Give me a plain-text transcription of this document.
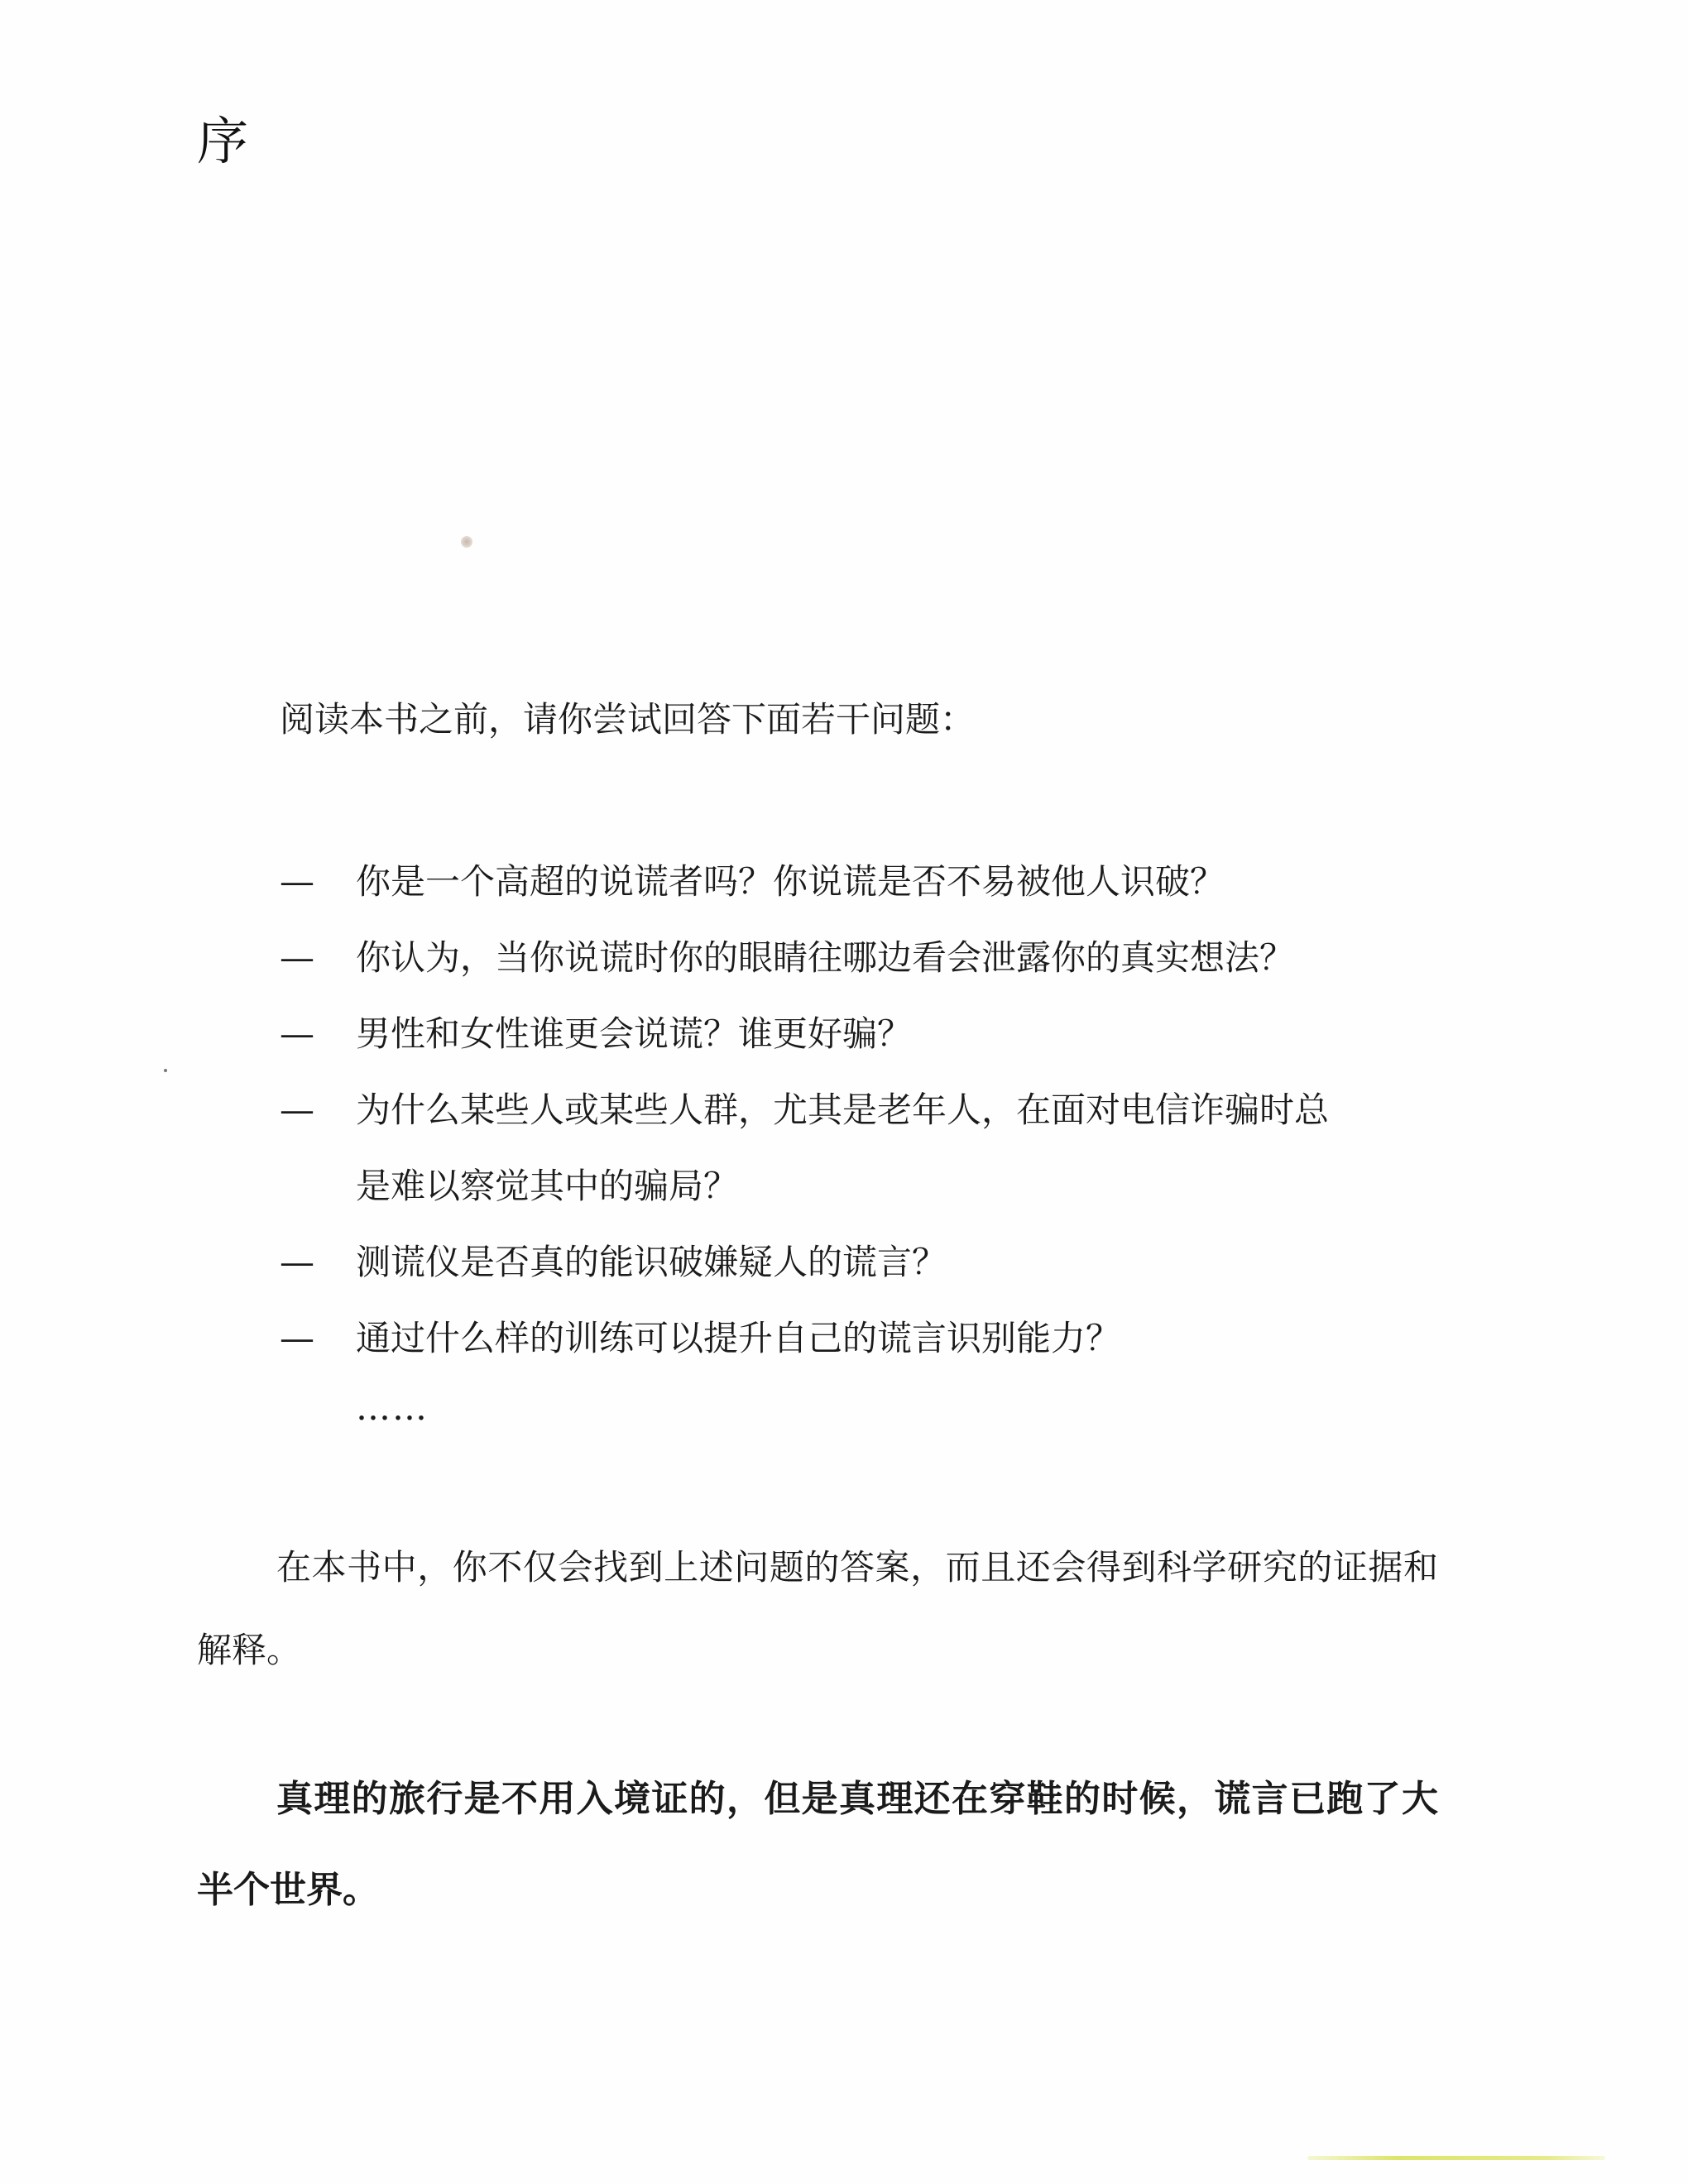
序

阅读本书之前，请你尝试回答下面若干问题：

— 你是一个高超的说谎者吗？你说谎是否不易被他人识破？
— 你认为，当你说谎时你的眼睛往哪边看会泄露你的真实想法？
— 男性和女性谁更会说谎？谁更好骗？
— 为什么某些人或某些人群，尤其是老年人，在面对电信诈骗时总
是难以察觉其中的骗局？
— 测谎仪是否真的能识破嫌疑人的谎言？
— 通过什么样的训练可以提升自己的谎言识别能力？

……

在本书中，你不仅会找到上述问题的答案，而且还会得到科学研究的证据和解释。

真理的旅行是不用入境证的，但是真理还在穿鞋的时候，谎言已跑了大半个世界。
